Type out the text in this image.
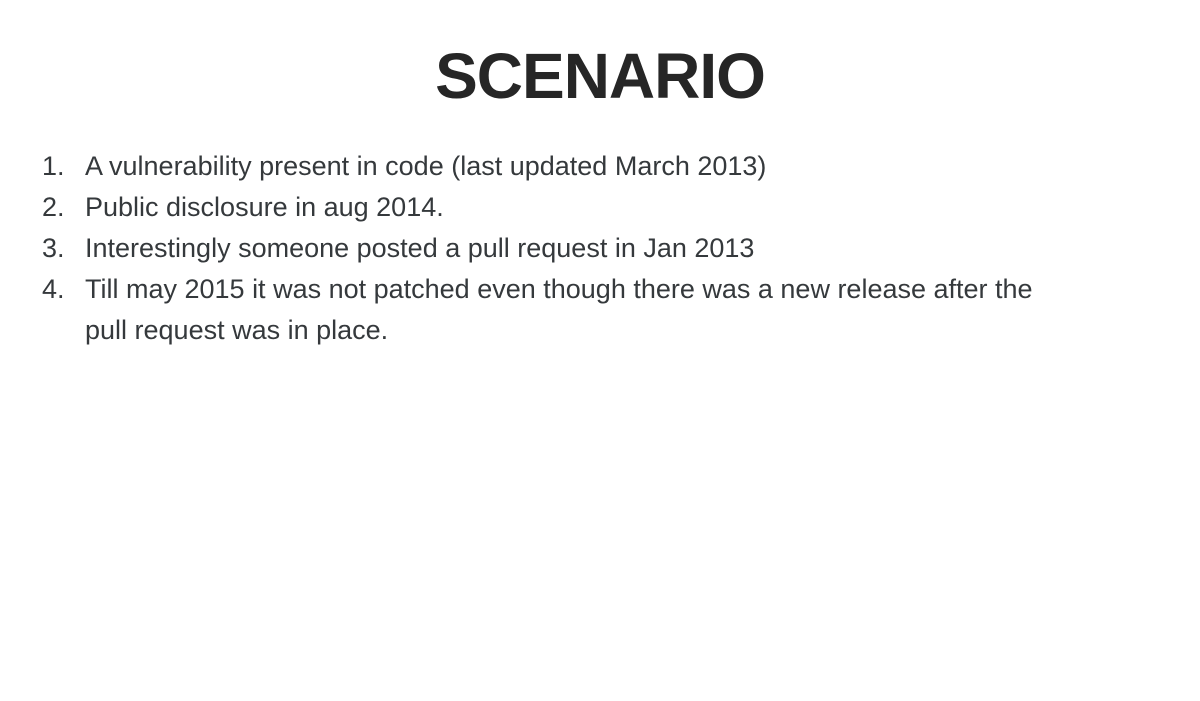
SCENARIO
1. A vulnerability present in code (last updated March 2013)
2. Public disclosure in aug 2014.
3. Interestingly someone posted a pull request in Jan 2013
4. Till may 2015 it was not patched even though there was a new release after the
pull request was in place.
